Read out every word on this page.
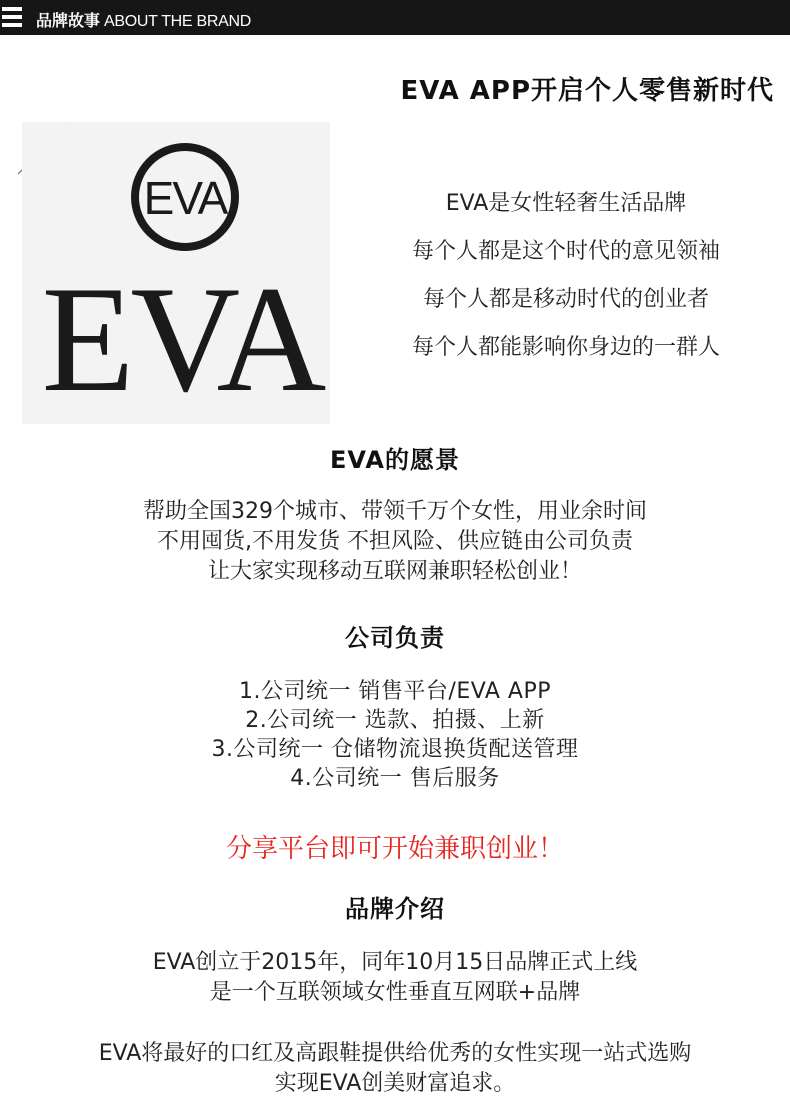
品牌故事 ABOUT THE BRAND
EVA APP开启个人零售新时代
EVA
EVA
EVA是女性轻奢生活品牌
每个人都是这个时代的意见领袖
每个人都是移动时代的创业者
每个人都能影响你身边的一群人
EVA的愿景
帮助全国329个城市、带领千万个女性，用业余时间
不用囤货,不用发货 不担风险、供应链由公司负责
让大家实现移动互联网兼职轻松创业！
公司负责
1.公司统一 销售平台/EVA APP
2.公司统一 选款、拍摄、上新
3.公司统一 仓储物流退换货配送管理
4.公司统一 售后服务
分享平台即可开始兼职创业！
品牌介绍
EVA创立于2015年，同年10月15日品牌正式上线
是一个互联领域女性垂直互网联+品牌
EVA将最好的口红及高跟鞋提供给优秀的女性实现一站式选购
实现EVA创美财富追求。
